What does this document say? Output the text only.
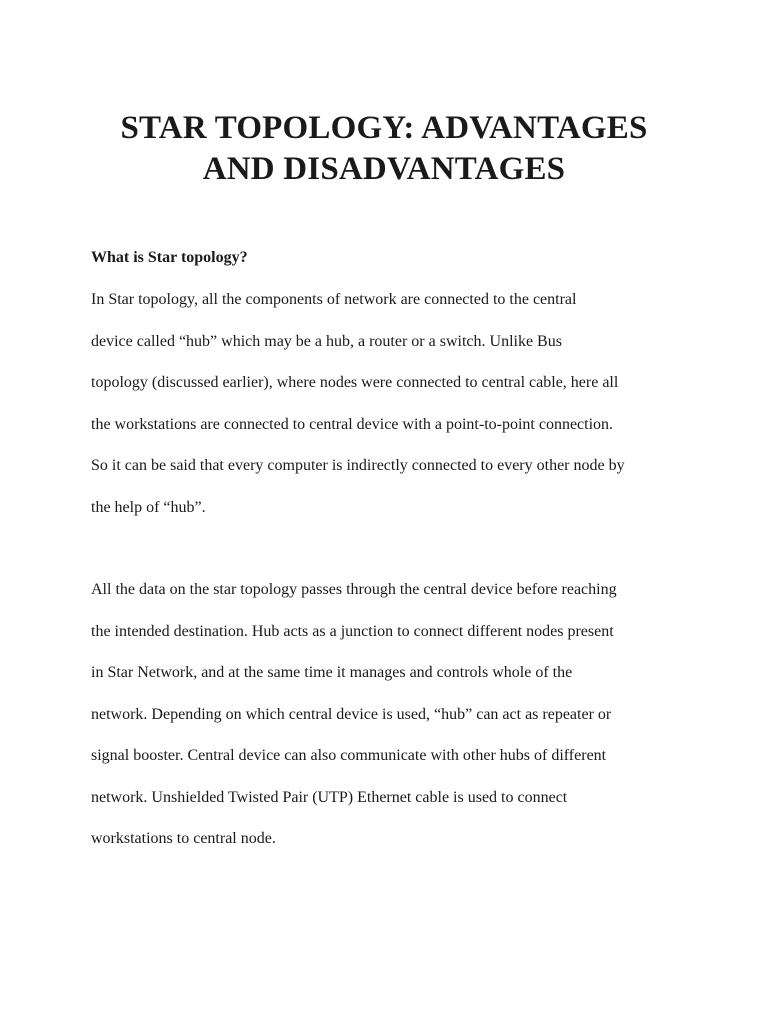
STAR TOPOLOGY: ADVANTAGES
AND DISADVANTAGES
What is Star topology?

In Star topology, all the components of network are connected to the central
device called “hub” which may be a hub, a router or a switch. Unlike Bus
topology (discussed earlier), where nodes were connected to central cable, here all
the workstations are connected to central device with a point-to-point connection.
So it can be said that every computer is indirectly connected to every other node by
the help of “hub”.

All the data on the star topology passes through the central device before reaching
the intended destination. Hub acts as a junction to connect different nodes present
in Star Network, and at the same time it manages and controls whole of the
network. Depending on which central device is used, “hub” can act as repeater or
signal booster. Central device can also communicate with other hubs of different
network. Unshielded Twisted Pair (UTP) Ethernet cable is used to connect
workstations to central node.
